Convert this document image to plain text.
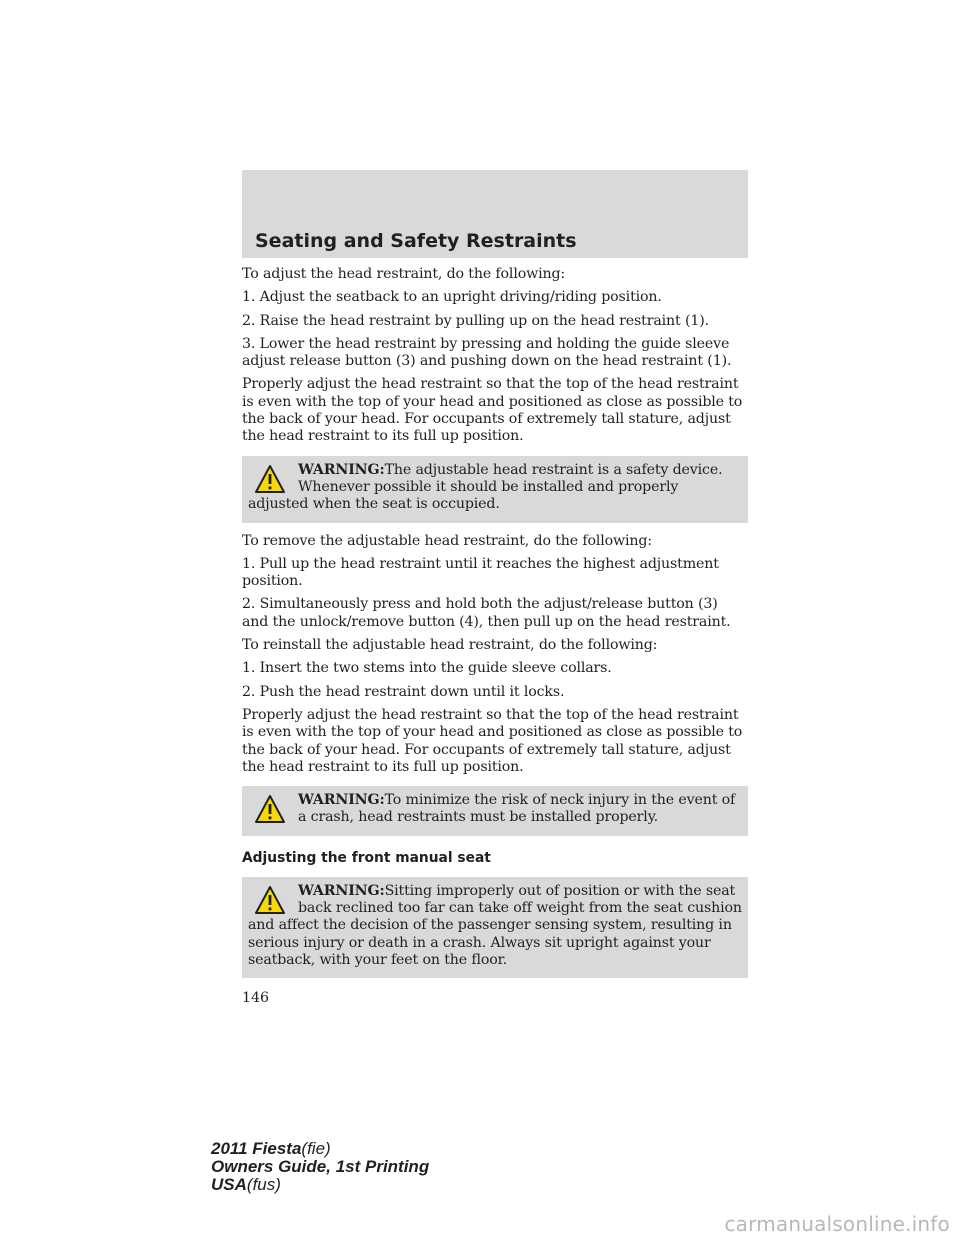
Seating and Safety Restraints

To adjust the head restraint, do the following:

1. Adjust the seatback to an upright driving/riding position.

2. Raise the head restraint by pulling up on the head restraint (1).

3. Lower the head restraint by pressing and holding the guide sleeve adjust release button (3) and pushing down on the head restraint (1).

Properly adjust the head restraint so that the top of the head restraint is even with the top of your head and positioned as close as possible to the back of your head. For occupants of extremely tall stature, adjust the head restraint to its full up position.

WARNING:The adjustable head restraint is a safety device. Whenever possible it should be installed and properly adjusted when the seat is occupied.

To remove the adjustable head restraint, do the following:

1. Pull up the head restraint until it reaches the highest adjustment position.

2. Simultaneously press and hold both the adjust/release button (3) and the unlock/remove button (4), then pull up on the head restraint.

To reinstall the adjustable head restraint, do the following:

1. Insert the two stems into the guide sleeve collars.

2. Push the head restraint down until it locks.

Properly adjust the head restraint so that the top of the head restraint is even with the top of your head and positioned as close as possible to the back of your head. For occupants of extremely tall stature, adjust the head restraint to its full up position.

WARNING:To minimize the risk of neck injury in the event of a crash, head restraints must be installed properly.
Adjusting the front manual seat
WARNING:Sitting improperly out of position or with the seat back reclined too far can take off weight from the seat cushion and affect the decision of the passenger sensing system, resulting in serious injury or death in a crash. Always sit upright against your seatback, with your feet on the floor.
146
2011 Fiesta(fie)
Owners Guide, 1st Printing
USA(fus)
carmanualsonline.info
